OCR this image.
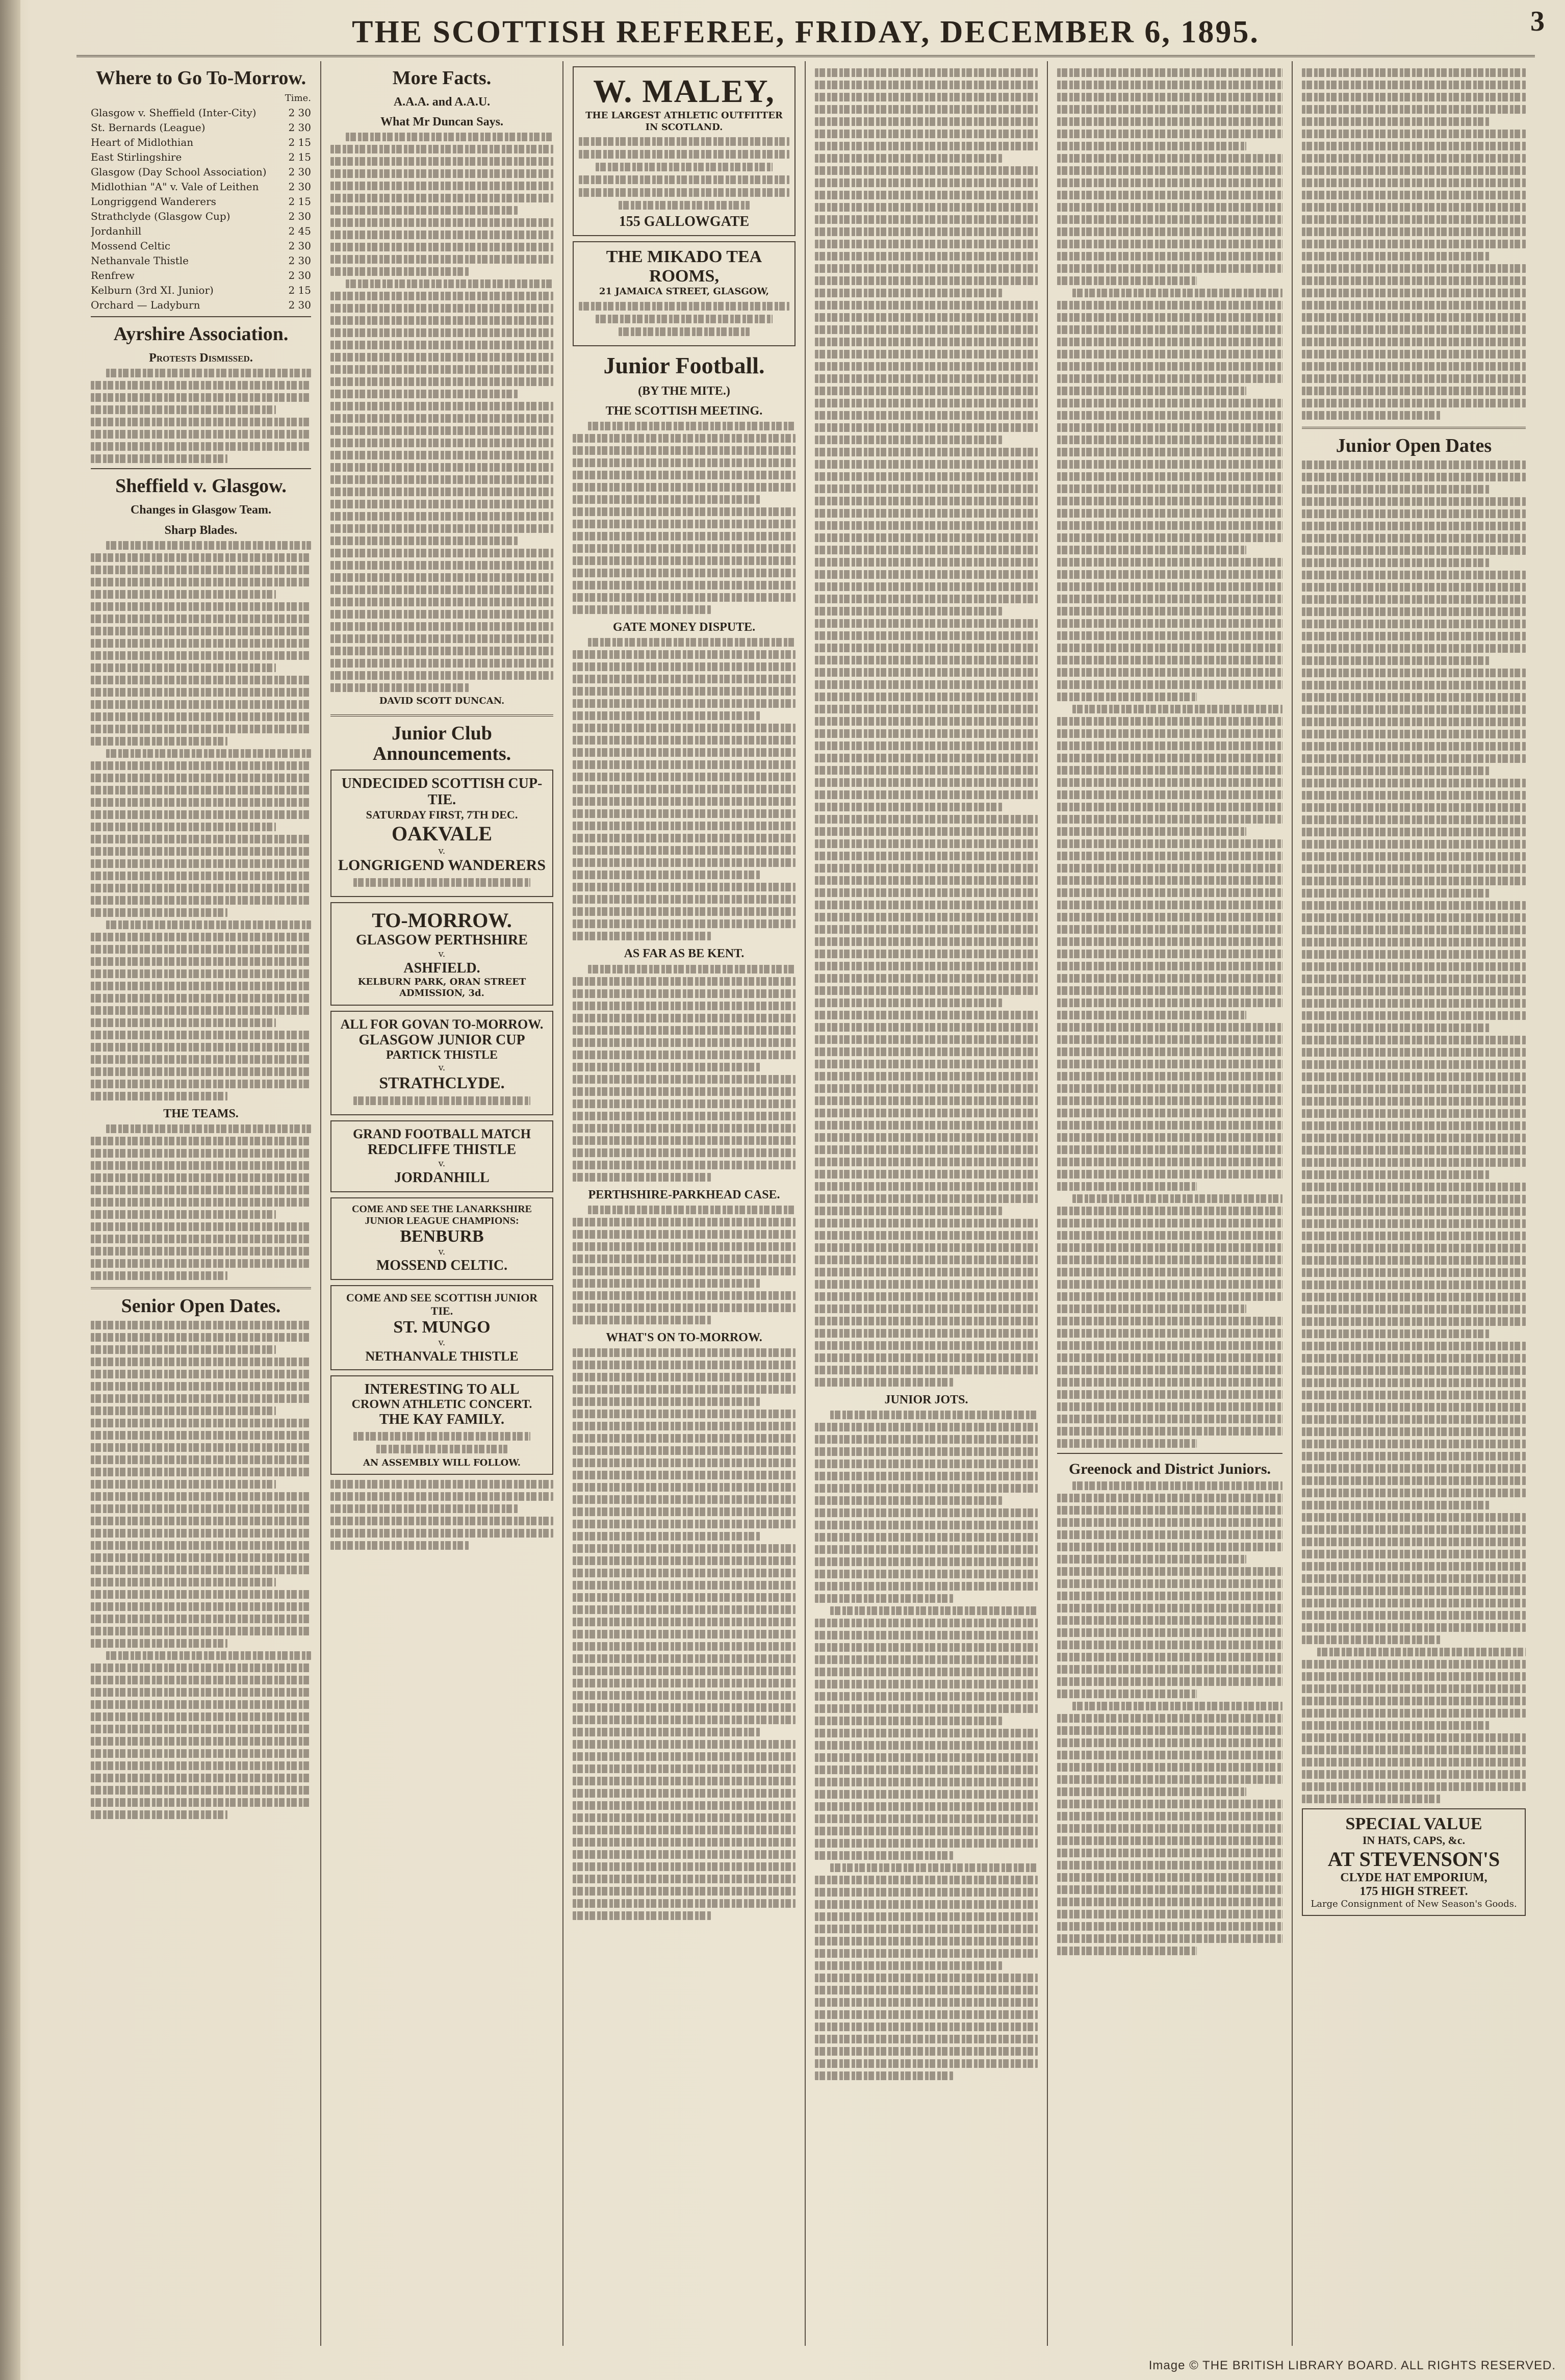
THE SCOTTISH REFEREE, FRIDAY, DECEMBER 6, 1895.	3
Where to Go To-Morrow.
Time.
Glasgow v. Sheffield (Inter-City)	2 30
St. Bernards (League)	2 30
Heart of Midlothian	2 15
East Stirlingshire	2 15
Glasgow (Day School Association) 2 30
Midlothian "A" v. Vale of Leithen	2 30
Longriggend Wanderers	2 15
Strathclyde (Glasgow Cup)	2 30
Jordanhill	2 45
Mossend Celtic	2 30
Nethanvale Thistle	2 30
Renfrew	2 30
Kelburn (3rd XI. Junior)	2 15
Orchard — Ladyburn	2 30
Ayrshire Association.
Protests Dismissed.
Sheffield v. Glasgow.
Changes in Glasgow Team.
Sharp Blades.
THE TEAMS.
Senior Open Dates.
More Facts.
A.A.A. and A.A.U.
What Mr Duncan Says.
DAVID SCOTT DUNCAN.
Junior Club Announcements.
UNDECIDED SCOTTISH CUP-TIE.
SATURDAY FIRST, 7TH DEC.
OAKVALE
v.
LONGRIGEND WANDERERS
TO-MORROW.
GLASGOW PERTHSHIRE
v.
ASHFIELD.
KELBURN PARK, ORAN STREET
ADMISSION, 3d.
ALL FOR GOVAN TO-MORROW.
GLASGOW JUNIOR CUP
PARTICK THISTLE
v.
STRATHCLYDE.
GRAND FOOTBALL MATCH
REDCLIFFE THISTLE
v.
JORDANHILL
COME AND SEE THE LANARKSHIRE JUNIOR LEAGUE CHAMPIONS:
BENBURB
v.
MOSSEND CELTIC.
COME AND SEE SCOTTISH JUNIOR TIE.
ST. MUNGO
v.
NETHANVALE THISTLE
INTERESTING TO ALL
CROWN ATHLETIC CONCERT.
THE KAY FAMILY.
AN ASSEMBLY WILL FOLLOW.
W. MALEY,
THE LARGEST ATHLETIC OUTFITTER IN SCOTLAND.
155 GALLOWGATE
THE MIKADO TEA ROOMS,
21 JAMAICA STREET, GLASGOW,
Junior Football.
(BY THE MITE.)
THE SCOTTISH MEETING.
GATE MONEY DISPUTE.
AS FAR AS BE KENT.
PERTHSHIRE-PARKHEAD CASE.
WHAT'S ON TO-MORROW.
JUNIOR JOTS.
Greenock and District Juniors.
Junior Open Dates
SPECIAL VALUE
IN HATS, CAPS, &c.
AT STEVENSON'S
CLYDE HAT EMPORIUM,
175 HIGH STREET.
Large Consignment of New Season's Goods.
Image © THE BRITISH LIBRARY BOARD. ALL RIGHTS RESERVED.
